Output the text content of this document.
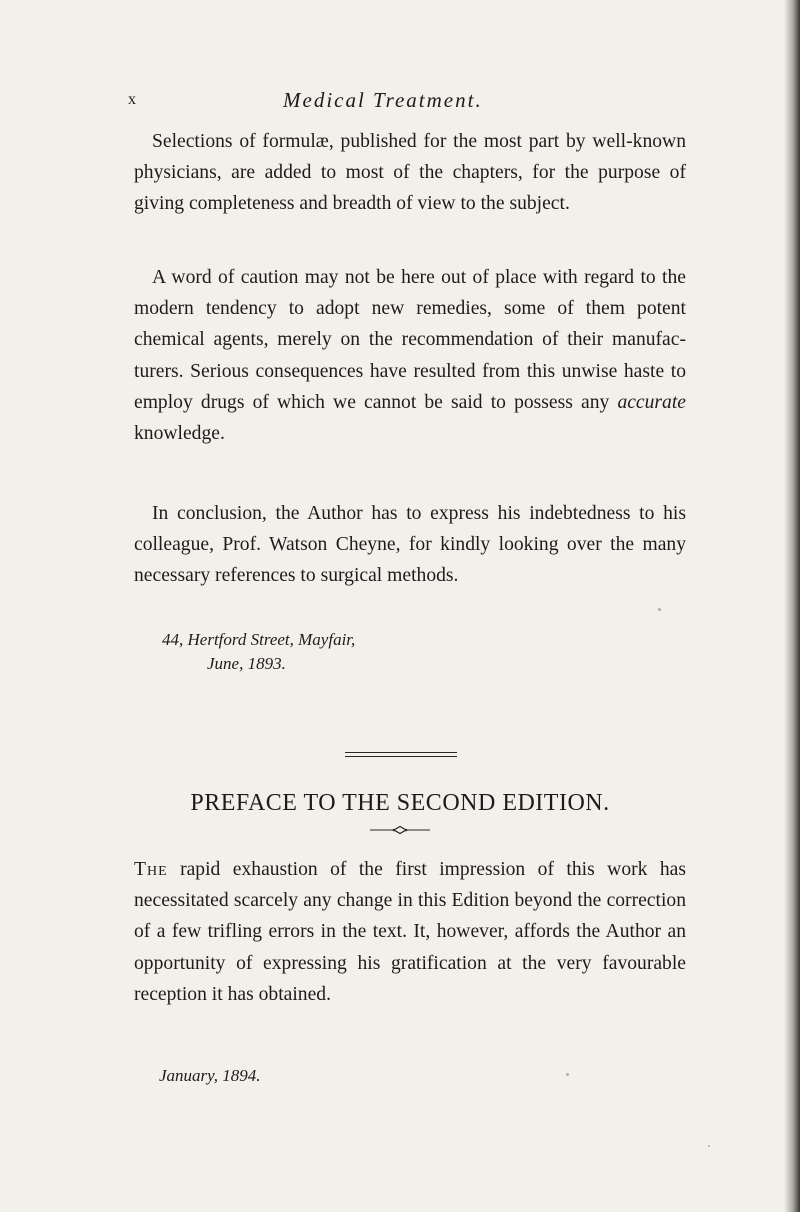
x	Medical Treatment.

Selections of formulæ, published for the most part by well-known physicians, are added to most of the chapters, for the purpose of giving completeness and breadth of view to the subject.

A word of caution may not be here out of place with regard to the modern tendency to adopt new remedies, some of them potent chemical agents, merely on the recommendation of their manufacturers. Serious consequences have resulted from this unwise haste to employ drugs of which we cannot be said to possess any accurate knowledge.

In conclusion, the Author has to express his indebtedness to his colleague, Prof. Watson Cheyne, for kindly looking over the many necessary references to surgical methods.

44, Hertford Street, Mayfair,
June, 1893.
PREFACE TO THE SECOND EDITION.

The rapid exhaustion of the first impression of this work has necessitated scarcely any change in this Edition beyond the correction of a few trifling errors in the text. It, however, affords the Author an opportunity of expressing his gratification at the very favourable reception it has obtained.

January, 1894.
